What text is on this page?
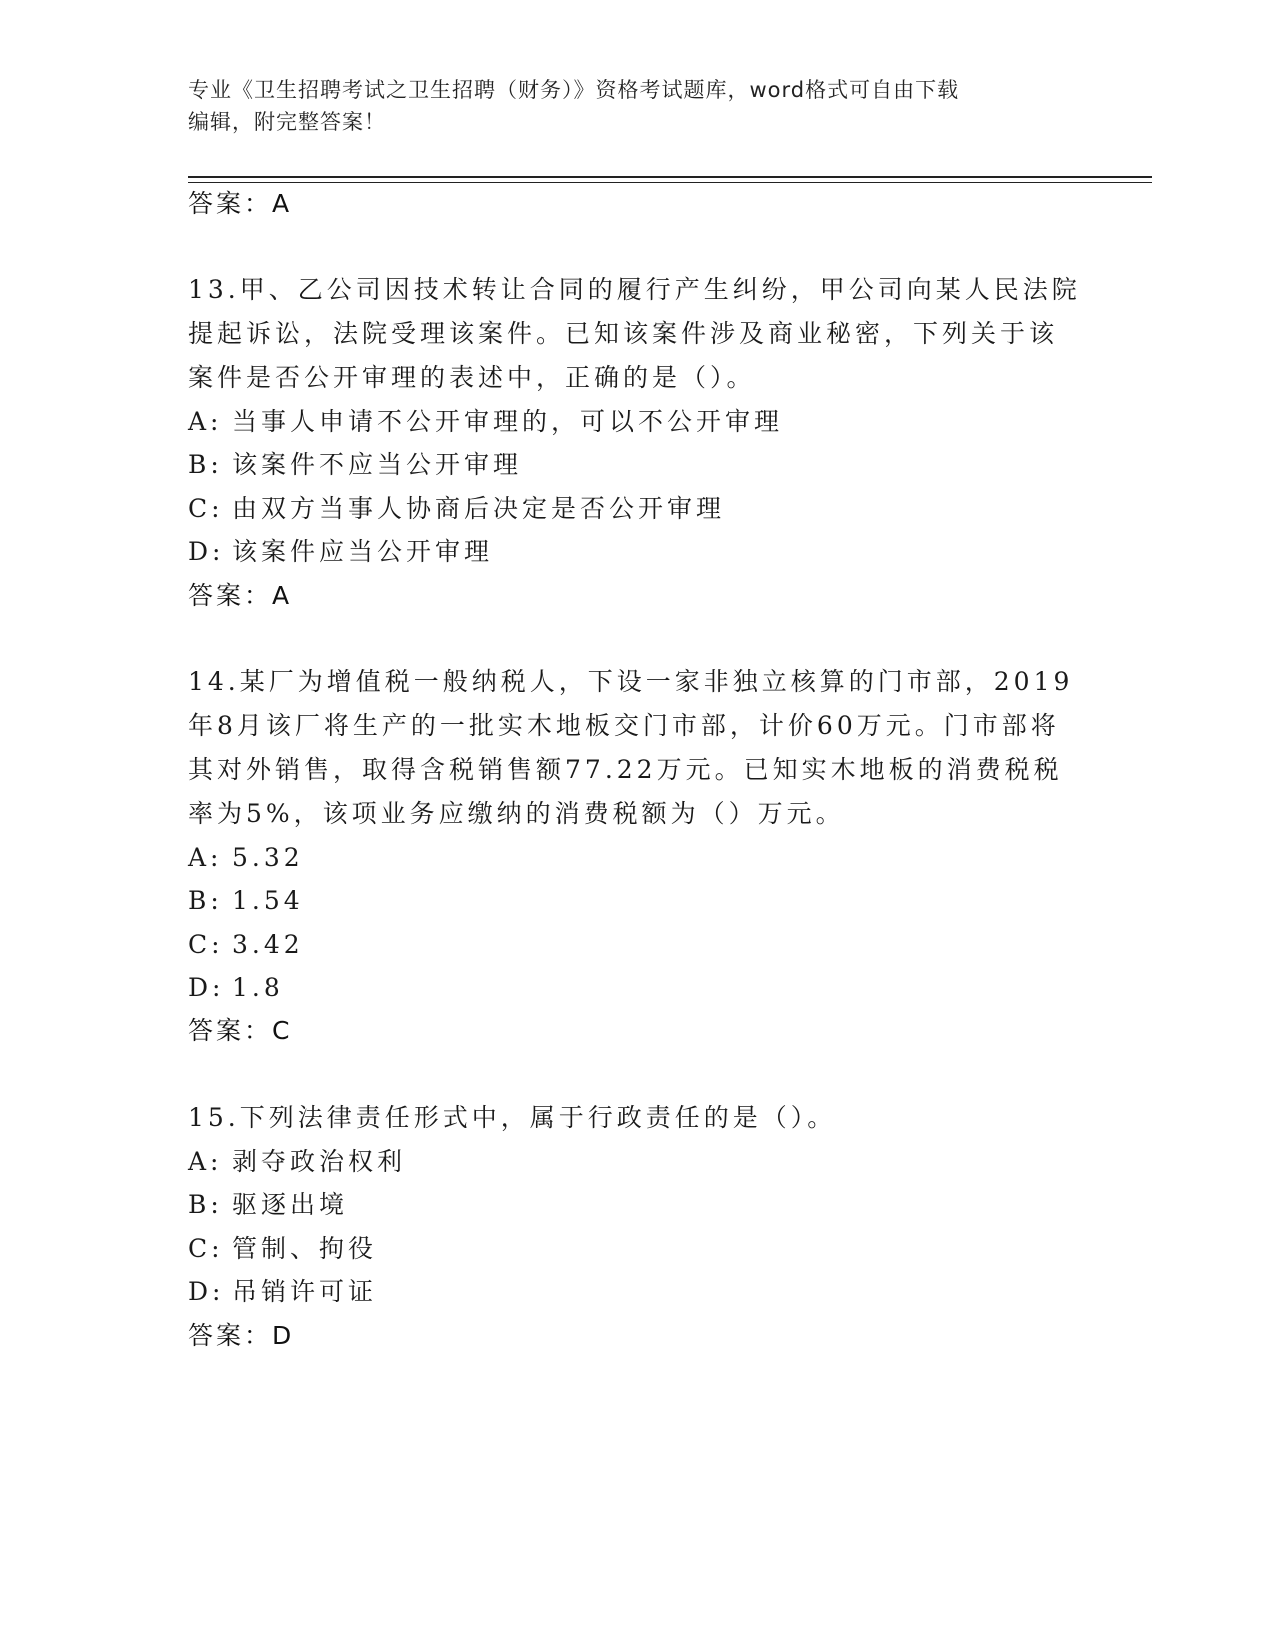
专业《卫生招聘考试之卫生招聘（财务）》资格考试题库，word格式可自由下载
编辑，附完整答案！
答案：A
13.甲、乙公司因技术转让合同的履行产生纠纷，甲公司向某人民法院
提起诉讼，法院受理该案件。已知该案件涉及商业秘密，下列关于该
案件是否公开审理的表述中，正确的是（）。
A: 当事人申请不公开审理的，可以不公开审理
B: 该案件不应当公开审理
C: 由双方当事人协商后决定是否公开审理
D: 该案件应当公开审理
答案：A
14.某厂为增值税一般纳税人，下设一家非独立核算的门市部，2019
年8月该厂将生产的一批实木地板交门市部，计价60万元。门市部将
其对外销售，取得含税销售额77.22万元。已知实木地板的消费税税
率为5%，该项业务应缴纳的消费税额为（）万元。
A: 5.32
B: 1.54
C: 3.42
D: 1.8
答案：C
15.下列法律责任形式中，属于行政责任的是（）。
A: 剥夺政治权利
B: 驱逐出境
C: 管制、拘役
D: 吊销许可证
答案：D
